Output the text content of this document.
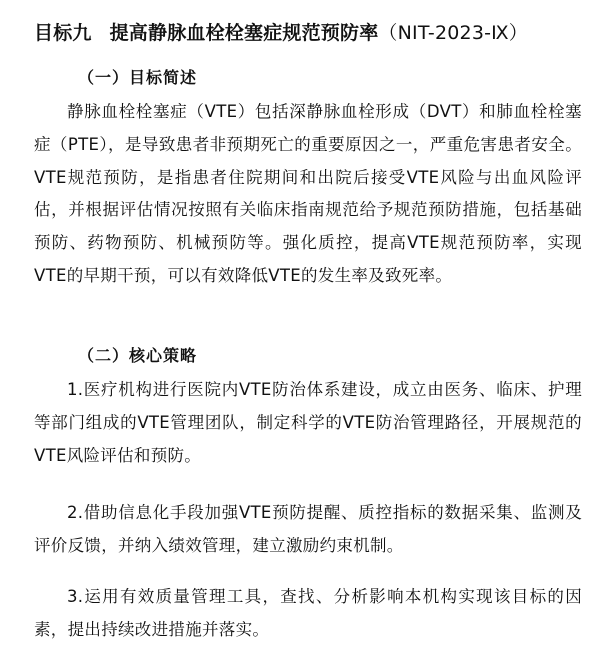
目标九 提高静脉血栓栓塞症规范预防率（NIT-2023-Ⅸ）
（一）目标简述

静脉血栓栓塞症（VTE）包括深静脉血栓形成（DVT）和肺血栓栓塞症（PTE），是导致患者非预期死亡的重要原因之一，严重危害患者安全。VTE规范预防，是指患者住院期间和出院后接受VTE风险与出血风险评估，并根据评估情况按照有关临床指南规范给予规范预防措施，包括基础预防、药物预防、机械预防等。强化质控，提高VTE规范预防率，实现VTE的早期干预，可以有效降低VTE的发生率及致死率。

（二）核心策略

1.医疗机构进行医院内VTE防治体系建设，成立由医务、临床、护理等部门组成的VTE管理团队，制定科学的VTE防治管理路径，开展规范的VTE风险评估和预防。

2.借助信息化手段加强VTE预防提醒、质控指标的数据采集、监测及评价反馈，并纳入绩效管理，建立激励约束机制。

3.运用有效质量管理工具，查找、分析影响本机构实现该目标的因素，提出持续改进措施并落实。
